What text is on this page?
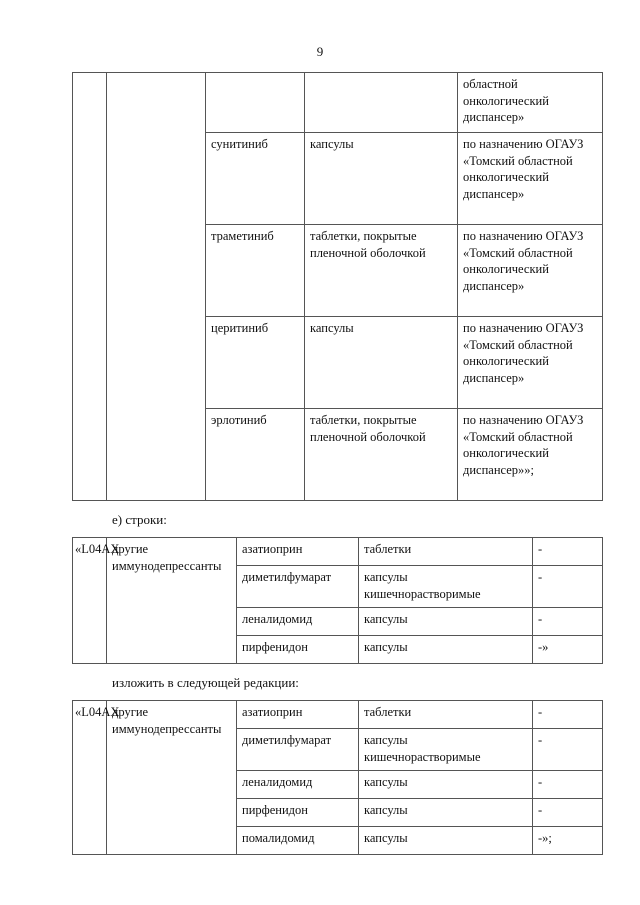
9
				областной онкологический диспансер»
		сунитиниб	капсулы	по назначению ОГАУЗ «Томский областной онкологический диспансер»
		траметиниб	таблетки, покрытые пленочной оболочкой	по назначению ОГАУЗ «Томский областной онкологический диспансер»
		церитиниб	капсулы	по назначению ОГАУЗ «Томский областной онкологический диспансер»
		эрлотиниб	таблетки, покрытые пленочной оболочкой	по назначению ОГАУЗ «Томский областной онкологический диспансер»»;
е) строки:
«L04AX	другие иммунодепрессанты	азатиоприн	таблетки	-
		диметилфумарат	капсулы кишечнорастворимые	-
		леналидомид	капсулы	-
		пирфенидон	капсулы	-»
изложить в следующей редакции:
«L04AX	другие иммунодепрессанты	азатиоприн	таблетки	-
		диметилфумарат	капсулы кишечнорастворимые	-
		леналидомид	капсулы	-
		пирфенидон	капсулы	-
		помалидомид	капсулы	-»;
